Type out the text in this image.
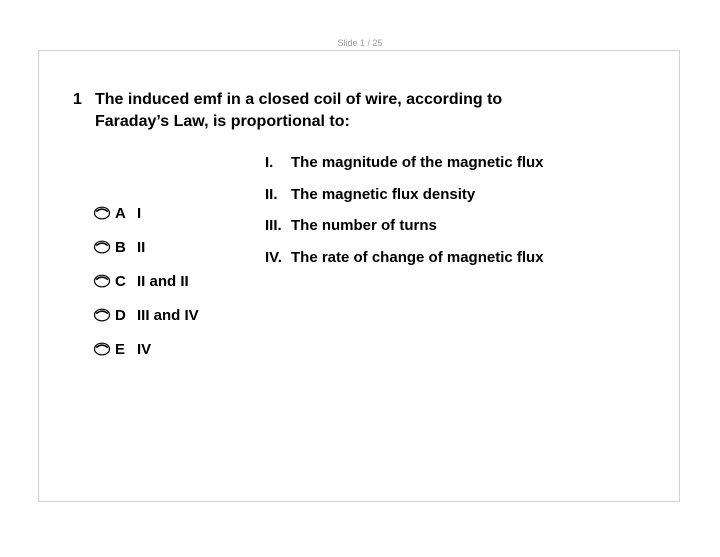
Slide 1 / 25
1 The induced emf in a closed coil of wire, according to Faraday’s Law, is proportional to:
I.	The magnitude of the magnetic flux
II. The magnetic flux density
III. The number of turns
IV. The rate of change of magnetic flux
A I
B II
C II and II
D III and IV
E IV
